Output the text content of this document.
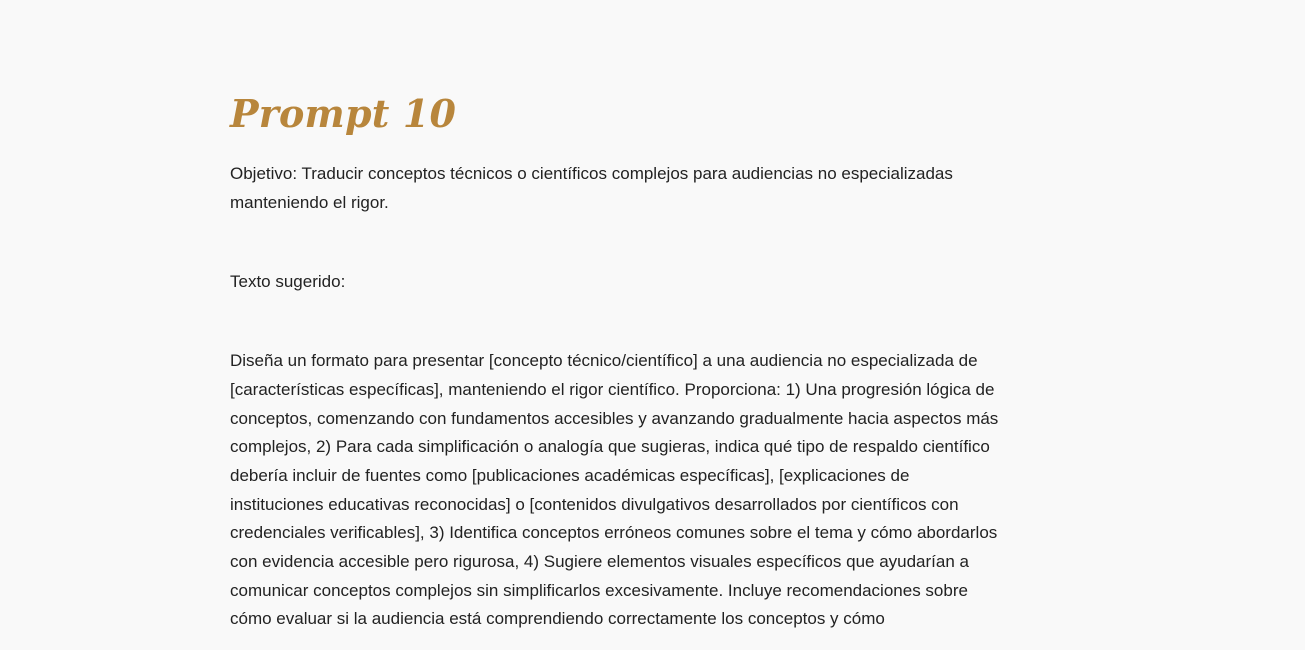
Prompt 10

Objetivo: Traducir conceptos técnicos o científicos complejos para audiencias no especializadas manteniendo el rigor.

Texto sugerido:

Diseña un formato para presentar [concepto técnico/científico] a una audiencia no especializada de [características específicas], manteniendo el rigor científico. Proporciona: 1) Una progresión lógica de conceptos, comenzando con fundamentos accesibles y avanzando gradualmente hacia aspectos más complejos, 2) Para cada simplificación o analogía que sugieras, indica qué tipo de respaldo científico debería incluir de fuentes como [publicaciones académicas específicas], [explicaciones de instituciones educativas reconocidas] o [contenidos divulgativos desarrollados por científicos con credenciales verificables], 3) Identifica conceptos erróneos comunes sobre el tema y cómo abordarlos con evidencia accesible pero rigurosa, 4) Sugiere elementos visuales específicos que ayudarían a comunicar conceptos complejos sin simplificarlos excesivamente. Incluye recomendaciones sobre cómo evaluar si la audiencia está comprendiendo correctamente los conceptos y cómo
